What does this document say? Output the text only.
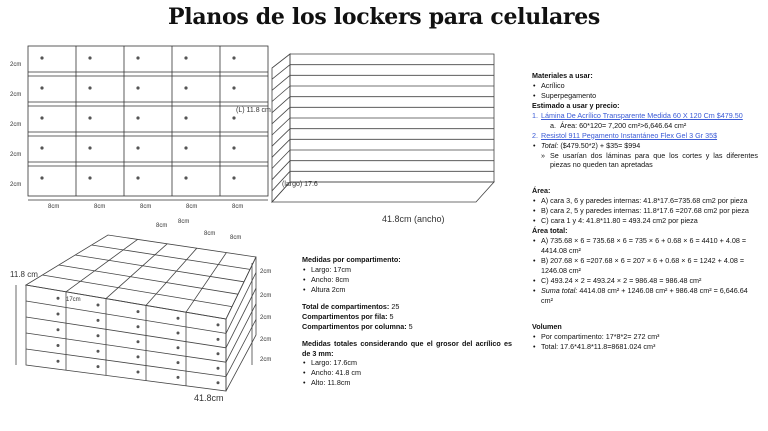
Planos de los lockers para celulares
2cm
2cm
2cm
2cm
2cm
8cm	8cm	8cm	8cm	8cm
(L) 11.8 cm
(largo) 17.6
41.8cm (ancho)
11.8 cm
8cm
8cm
8cm
8cm
17cm
2cm
2cm
2cm
2cm
2cm
41.8cm
Medidas por compartimento:
• Largo: 17cm
• Ancho: 8cm
• Altura 2cm
Total de compartimentos: 25
Compartimentos por fila: 5
Compartimentos por columna: 5
Medidas totales considerando que el grosor del acrílico es de 3 mm:
• Largo: 17.6cm
• Ancho: 41.8 cm
• Alto: 11.8cm
Materiales a usar:
• Acrílico
• Superpegamento
Estimado a usar y precio:
1. Lámina De Acrílico Transparente Medida 60 X 120 Cm $479.50
a. Área: 60*120= 7,200 cm²>6,646.64 cm²
2. Resistol 911 Pegamento Instantáneo Flex Gel 3 Gr 35$
• Total: ($479.50*2) + $35= $994
» Se usarían dos láminas para que los cortes y las diferentes piezas no queden tan apretadas
Área:
• A) cara 3, 6 y paredes internas: 41.8*17.6=735.68 cm2 por pieza
• B) cara 2, 5 y paredes internas: 11.8*17.6 =207.68 cm2 por pieza
• C) cara 1 y 4: 41.8*11.80 = 493.24 cm2 por pieza
Área total:
• A) 735.68 × 6 = 735.68 × 6 = 735 × 6 + 0.68 × 6 = 4410 + 4.08 = 4414.08 cm²
• B) 207.68 × 6 =207.68 × 6 = 207 × 6 + 0.68 × 6 = 1242 + 4.08 = 1246.08 cm²
• C) 493.24 × 2 = 493.24 × 2 = 986.48 = 986.48 cm²
• Suma total: 4414.08 cm² + 1246.08 cm² + 986.48 cm² = 6,646.64 cm²
Volumen
• Por compartimento: 17*8*2= 272 cm³
• Total: 17.6*41.8*11.8=8681.024 cm³
